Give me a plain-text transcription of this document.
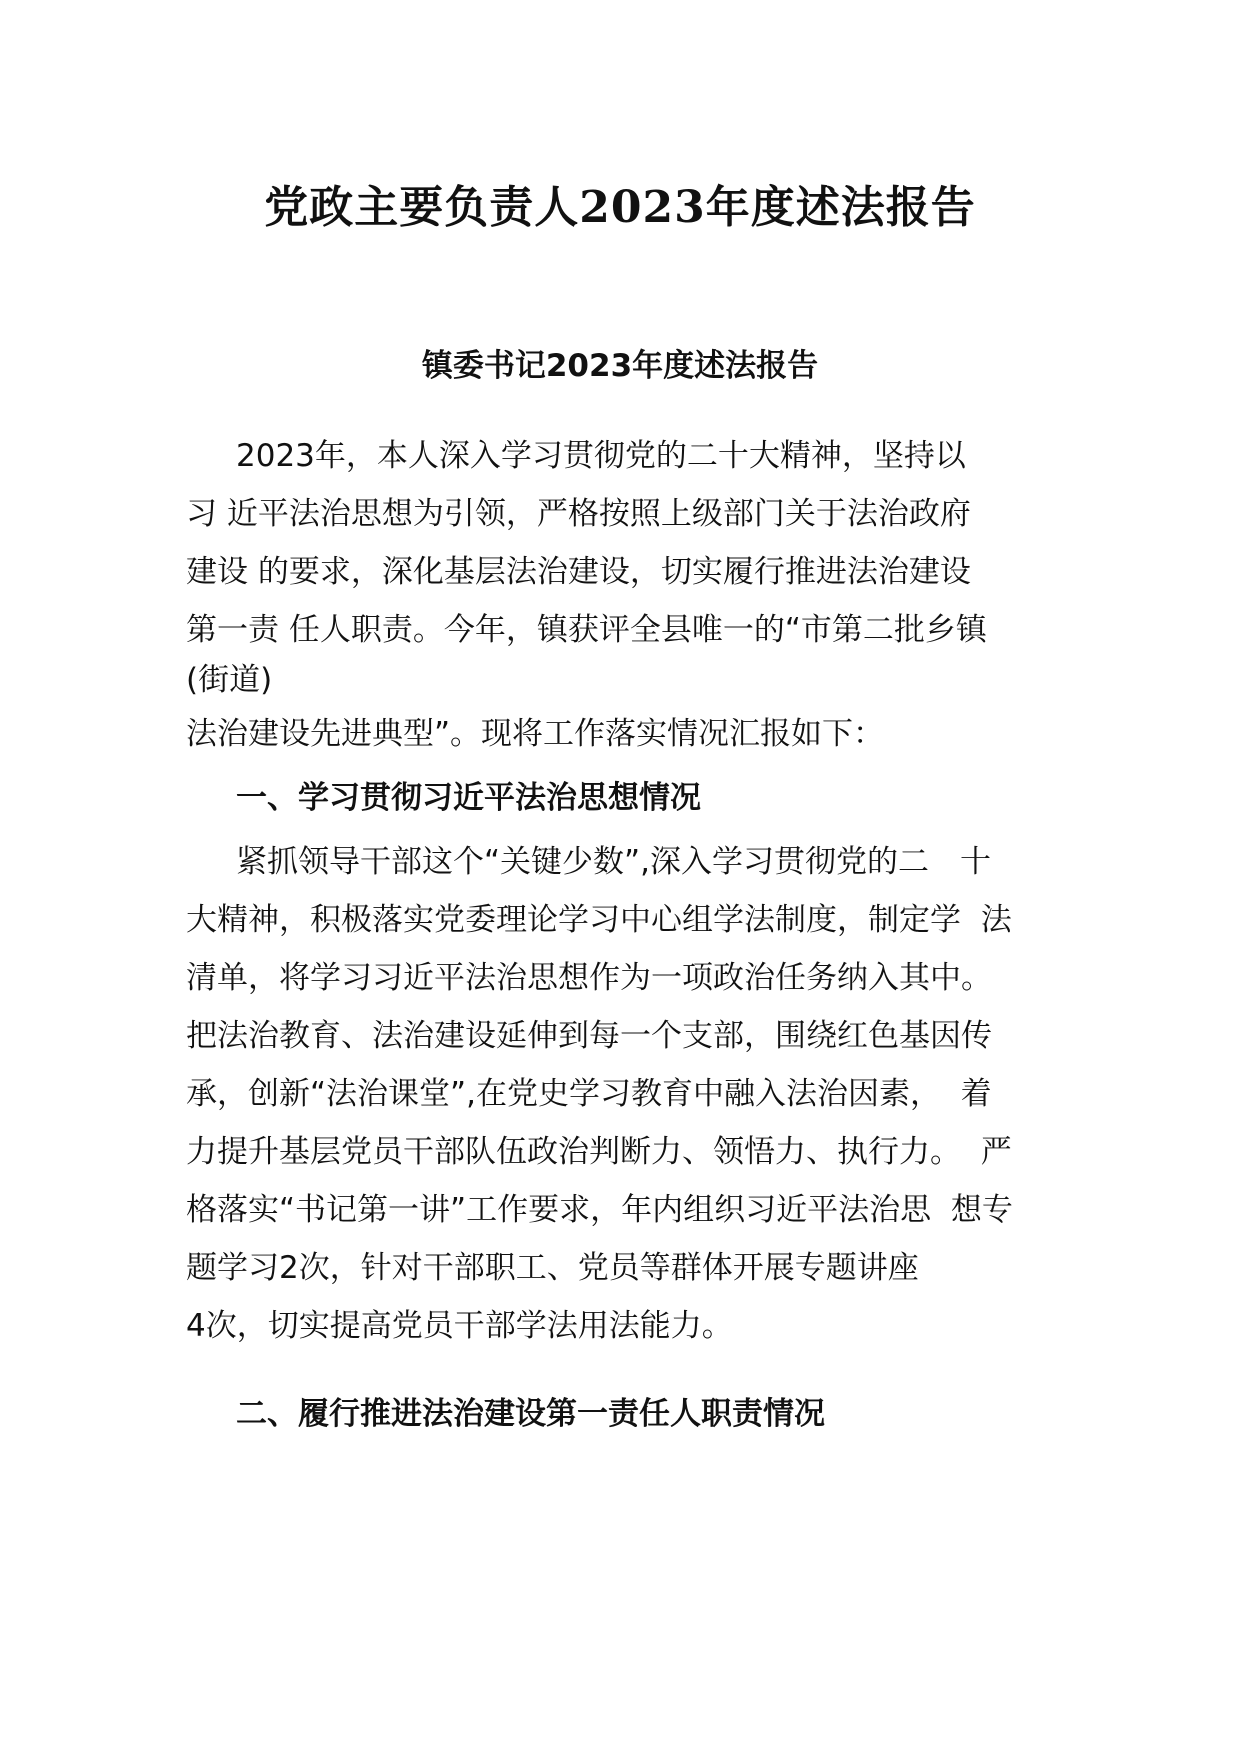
党政主要负责人2023年度述法报告
镇委书记2023年度述法报告
2023年，本人深入学习贯彻党的二十大精神，坚持以
习 近平法治思想为引领，严格按照上级部门关于法治政府
建设 的要求，深化基层法治建设，切实履行推进法治建设
第一责 任人职责。今年，镇获评全县唯一的“市第二批乡镇
(街道)
法治建设先进典型”。现将工作落实情况汇报如下：
一、学习贯彻习近平法治思想情况
紧抓领导干部这个“关键少数”,深入学习贯彻党的二　十
大精神，积极落实党委理论学习中心组学法制度，制定学  法
清单，将学习习近平法治思想作为一项政治任务纳入其中。
把法治教育、法治建设延伸到每一个支部，围绕红色基因传
承，创新“法治课堂”,在党史学习教育中融入法治因素，  着
力提升基层党员干部队伍政治判断力、领悟力、执行力。  严
格落实“书记第一讲”工作要求，年内组织习近平法治思  想专
题学习2次，针对干部职工、党员等群体开展专题讲座
4次，切实提高党员干部学法用法能力。
二、履行推进法治建设第一责任人职责情况
